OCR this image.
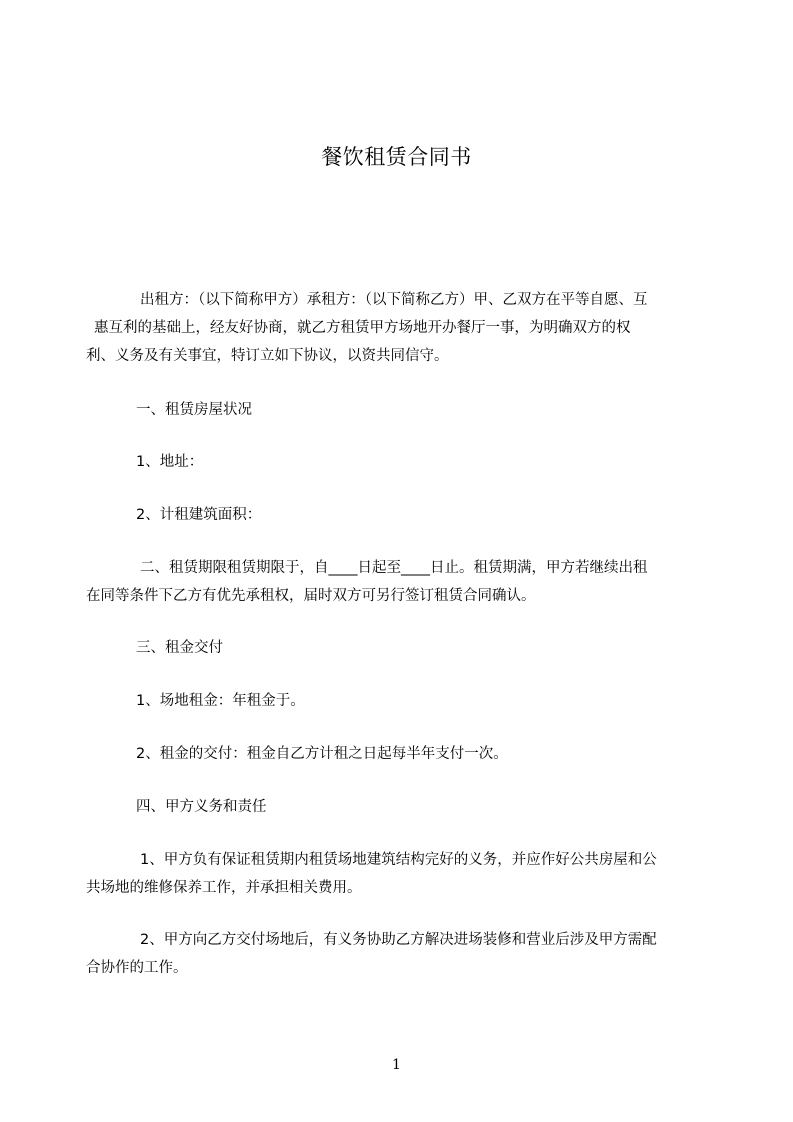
餐饮租赁合同书
出租方：（以下简称甲方）承租方：（以下简称乙方）甲、乙双方在平等自愿、互
惠互利的基础上，经友好协商，就乙方租赁甲方场地开办餐厅一事，为明确双方的权
利、义务及有关事宜，特订立如下协议，以资共同信守。
一、租赁房屋状况
1、地址：
2、计租建筑面积：
二、租赁期限租赁期限于，自____日起至____日止。租赁期满，甲方若继续出租
在同等条件下乙方有优先承租权，届时双方可另行签订租赁合同确认。
三、租金交付
1、场地租金：年租金于。
2、租金的交付：租金自乙方计租之日起每半年支付一次。
四、甲方义务和责任
1、甲方负有保证租赁期内租赁场地建筑结构完好的义务，并应作好公共房屋和公
共场地的维修保养工作，并承担相关费用。
2、甲方向乙方交付场地后，有义务协助乙方解决进场装修和营业后涉及甲方需配
合协作的工作。
1
